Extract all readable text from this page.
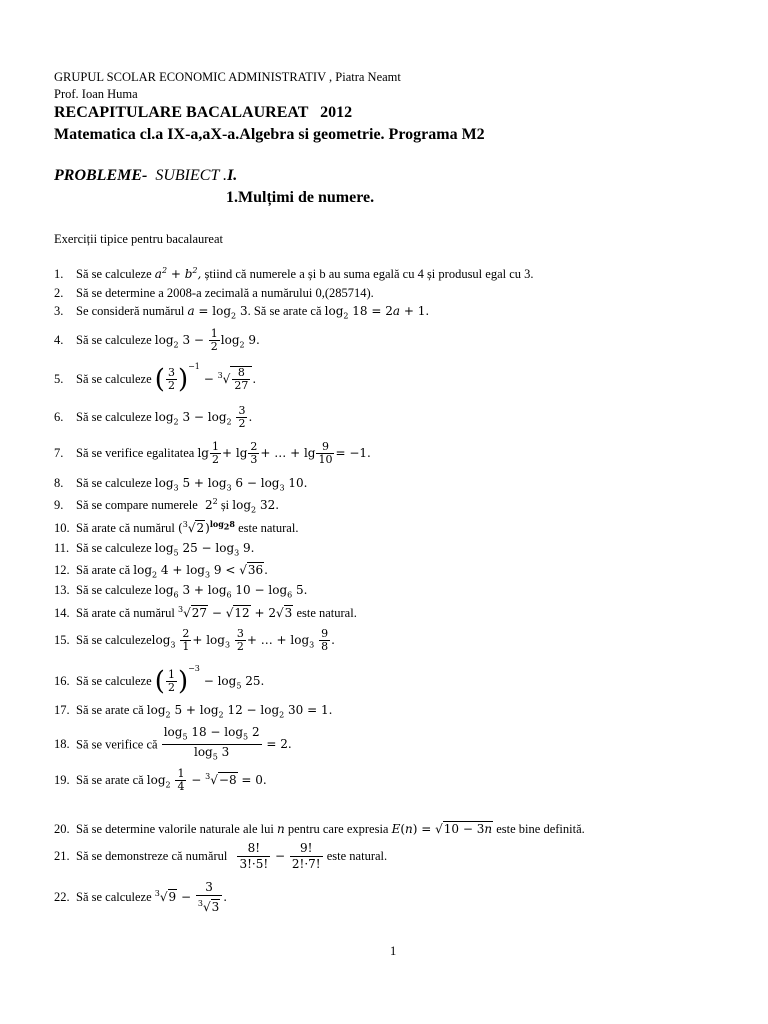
GRUPUL SCOLAR ECONOMIC ADMINISTRATIV , Piatra Neamt
Prof. Ioan Huma
RECAPITULARE BACALAUREAT   2012
Matematica cl.a IX-a,aX-a.Algebra si geometrie. Programa M2
PROBLEME- SUBIECT .I.
1.Mulțimi de numere.
Exerciții tipice pentru bacalaureat
1. Să se calculeze $a^2 + b^2$, știind că numerele a și b au suma egală cu 4 și produsul egal cu 3.
2. Să se determine a 2008-a zecimală a numărului 0,(285714).
3. Se consideră numărul $a = \log_2 3$. Să se arate că $\log_2 18 = 2a + 1$.
4. Să se calculeze $\log_2 3 - \frac{1}{2} \log_2 9$.
5. Să se calculeze ( $\frac{3}{2} )^{-1} - ^3√ \frac{8}{27}$ .
6. Să se calculeze $\log_2 3 - \log_2 \frac{3}{2}$ .
7. Să se verifice egalitatea $\lg \frac{1}{2} + \lg \frac{2}{3}$ + … + $\lg \frac{9}{10} = -1$.
8. Să se calculeze $\log_3 5 + \log_3 6 - \log_3 10$.
9. Să se compare numerele $2^2$ și $\log_2 32$.
10. Să arate că numărul $(^3√2)^{log_28}$ este natural.
11. Să se calculeze $\log_5 25 - \log_3 9$.
12. Să arate că $\log_2 4 + \log_3 9 < √36$.
13. Să se calculeze $\log_6 3 + \log_6 10 - \log_6 5$.
14. Să arate că numărul $^3$√27 − √12 + 2√3 este natural.
15. Să se calculezelog$_3$ $\frac{2}{1} + \log_3 \frac{3}{2}$ + … + $\log_3 \frac{9}{8}$ .
16. Să se calculeze ( $\frac{1}{2} )^{-3} - \log_5 25$.
17. Să se arate că $\log_2 5 + \log_2 12 - \log_2 30 = 1$.
18. Să se verifice că $\frac{\log_5 18 - \log_5 2}{\log_5 3} = 2$.
19. Să se arate că $\log_2 \frac{1}{4} - ^3√-8 = 0$.
20. Să se determine valorile naturale ale lui n pentru care expresia E(n) = √10 − 3n este bine definită.
21. Să se demonstreze că numărul $\frac{8!}{3!\cdot 5!} - \frac{9!}{2!\cdot 7!}$ este natural.
22. Să se calculeze $^3√9 - \frac{3}{^3√3}$ .
1
